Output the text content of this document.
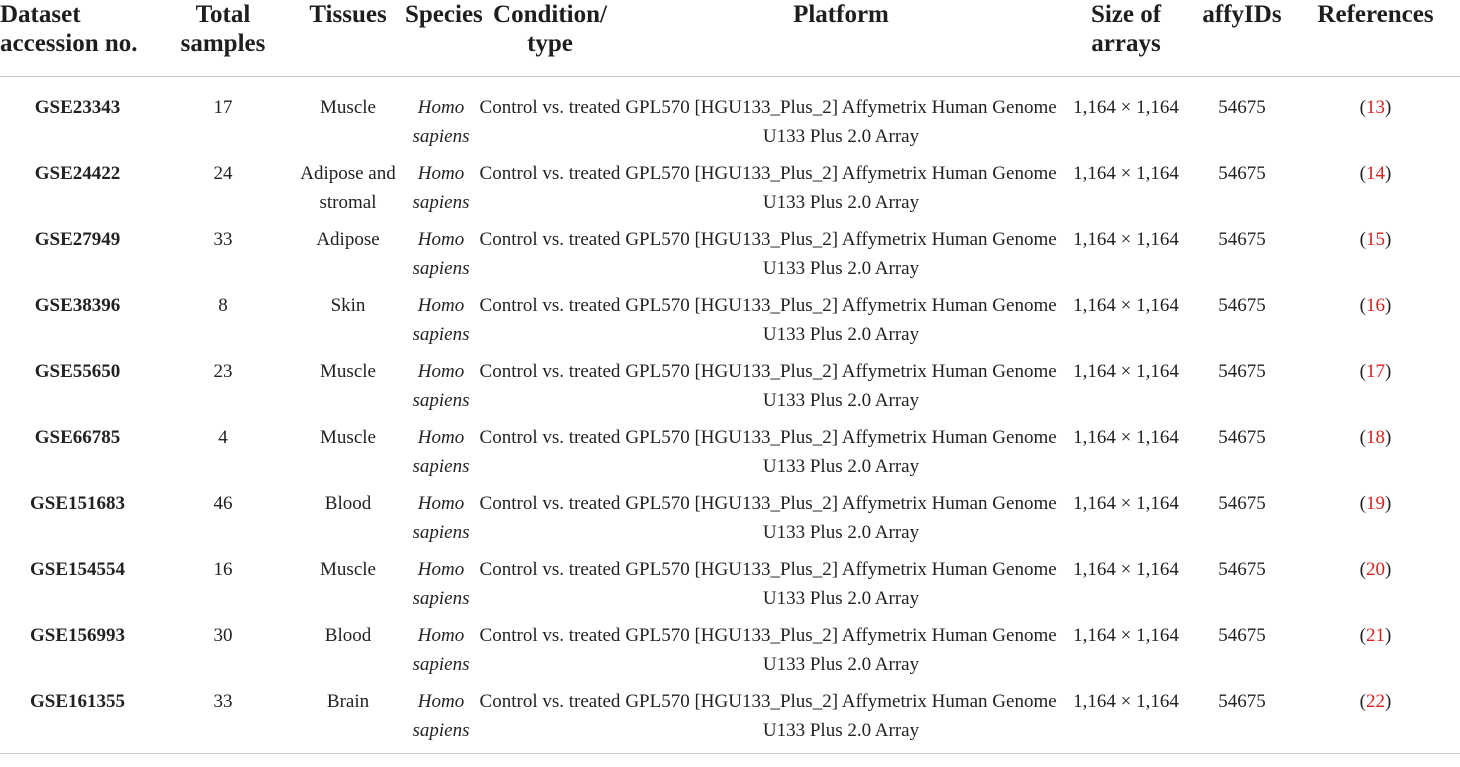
Dataset accession no.	Total samples	Tissues	Species	Condition/ type	Platform	Size of arrays	affyIDs	References
GSE23343	17	Muscle	Homo sapiens	Control vs. treated	GPL570 [HGU133_Plus_2] Affymetrix Human Genome U133 Plus 2.0 Array	1,164 × 1,164	54675	(13)
GSE24422	24	Adipose and stromal	Homo sapiens	Control vs. treated	GPL570 [HGU133_Plus_2] Affymetrix Human Genome U133 Plus 2.0 Array	1,164 × 1,164	54675	(14)
GSE27949	33	Adipose	Homo sapiens	Control vs. treated	GPL570 [HGU133_Plus_2] Affymetrix Human Genome U133 Plus 2.0 Array	1,164 × 1,164	54675	(15)
GSE38396	8	Skin	Homo sapiens	Control vs. treated	GPL570 [HGU133_Plus_2] Affymetrix Human Genome U133 Plus 2.0 Array	1,164 × 1,164	54675	(16)
GSE55650	23	Muscle	Homo sapiens	Control vs. treated	GPL570 [HGU133_Plus_2] Affymetrix Human Genome U133 Plus 2.0 Array	1,164 × 1,164	54675	(17)
GSE66785	4	Muscle	Homo sapiens	Control vs. treated	GPL570 [HGU133_Plus_2] Affymetrix Human Genome U133 Plus 2.0 Array	1,164 × 1,164	54675	(18)
GSE151683	46	Blood	Homo sapiens	Control vs. treated	GPL570 [HGU133_Plus_2] Affymetrix Human Genome U133 Plus 2.0 Array	1,164 × 1,164	54675	(19)
GSE154554	16	Muscle	Homo sapiens	Control vs. treated	GPL570 [HGU133_Plus_2] Affymetrix Human Genome U133 Plus 2.0 Array	1,164 × 1,164	54675	(20)
GSE156993	30	Blood	Homo sapiens	Control vs. treated	GPL570 [HGU133_Plus_2] Affymetrix Human Genome U133 Plus 2.0 Array	1,164 × 1,164	54675	(21)
GSE161355	33	Brain	Homo sapiens	Control vs. treated	GPL570 [HGU133_Plus_2] Affymetrix Human Genome U133 Plus 2.0 Array	1,164 × 1,164	54675	(22)
